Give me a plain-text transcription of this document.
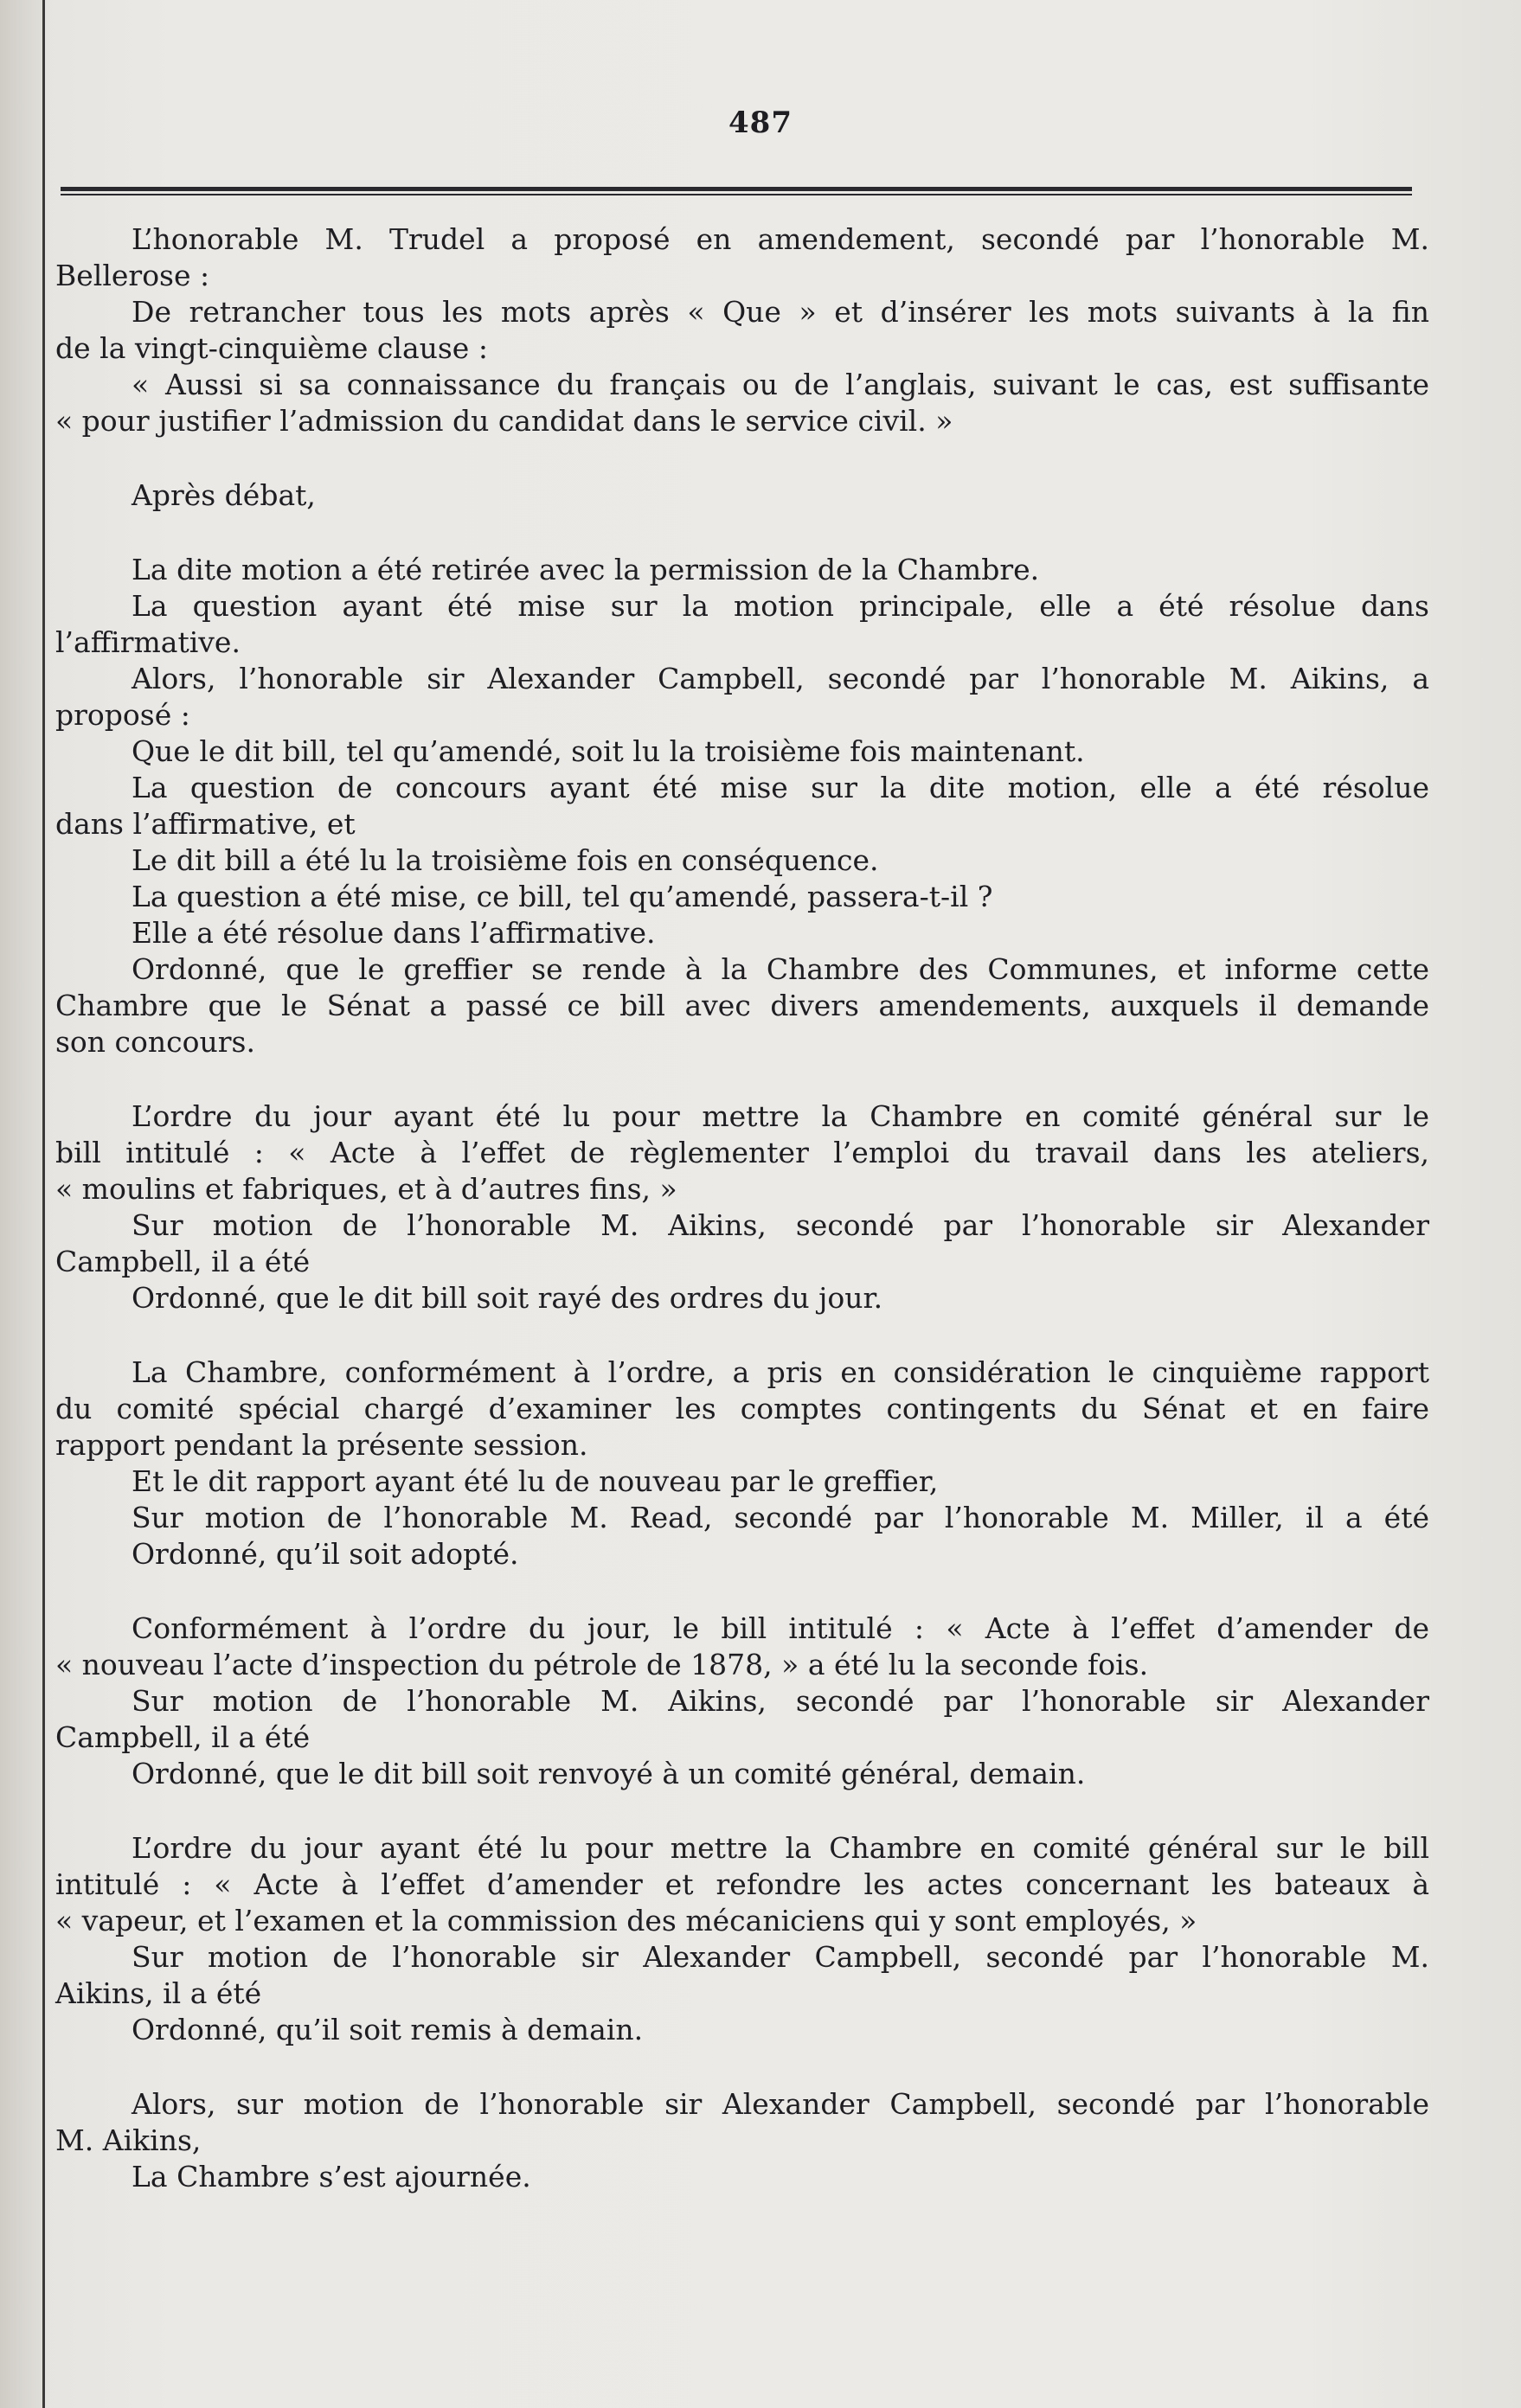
487
L’honorable M. Trudel a proposé en amendement, secondé par l’honorable M.
Bellerose :
De retrancher tous les mots après « Que » et d’insérer les mots suivants à la fin
de la vingt-cinquième clause :
« Aussi si sa connaissance du français ou de l’anglais, suivant le cas, est suffisante
« pour justifier l’admission du candidat dans le service civil. »
Après débat,
La dite motion a été retirée avec la permission de la Chambre.
La question ayant été mise sur la motion principale, elle a été résolue dans
l’affirmative.
Alors, l’honorable sir Alexander Campbell, secondé par l’honorable M. Aikins, a
proposé :
Que le dit bill, tel qu’amendé, soit lu la troisième fois maintenant.
La question de concours ayant été mise sur la dite motion, elle a été résolue
dans l’affirmative, et
Le dit bill a été lu la troisième fois en conséquence.
La question a été mise, ce bill, tel qu’amendé, passera-t-il ?
Elle a été résolue dans l’affirmative.
Ordonné, que le greffier se rende à la Chambre des Communes, et informe cette
Chambre que le Sénat a passé ce bill avec divers amendements, auxquels il demande
son concours.
L’ordre du jour ayant été lu pour mettre la Chambre en comité général sur le
bill intitulé : « Acte à l’effet de règlementer l’emploi du travail dans les ateliers,
« moulins et fabriques, et à d’autres fins, »
Sur motion de l’honorable M. Aikins, secondé par l’honorable sir Alexander
Campbell, il a été
Ordonné, que le dit bill soit rayé des ordres du jour.
La Chambre, conformément à l’ordre, a pris en considération le cinquième rapport
du comité spécial chargé d’examiner les comptes contingents du Sénat et en faire
rapport pendant la présente session.
Et le dit rapport ayant été lu de nouveau par le greffier,
Sur motion de l’honorable M. Read, secondé par l’honorable M. Miller, il a été
Ordonné, qu’il soit adopté.
Conformément à l’ordre du jour, le bill intitulé : « Acte à l’effet d’amender de
« nouveau l’acte d’inspection du pétrole de 1878, » a été lu la seconde fois.
Sur motion de l’honorable M. Aikins, secondé par l’honorable sir Alexander
Campbell, il a été
Ordonné, que le dit bill soit renvoyé à un comité général, demain.
L’ordre du jour ayant été lu pour mettre la Chambre en comité général sur le bill
intitulé : « Acte à l’effet d’amender et refondre les actes concernant les bateaux à
« vapeur, et l’examen et la commission des mécaniciens qui y sont employés, »
Sur motion de l’honorable sir Alexander Campbell, secondé par l’honorable M.
Aikins, il a été
Ordonné, qu’il soit remis à demain.
Alors, sur motion de l’honorable sir Alexander Campbell, secondé par l’honorable
M. Aikins,
La Chambre s’est ajournée.
